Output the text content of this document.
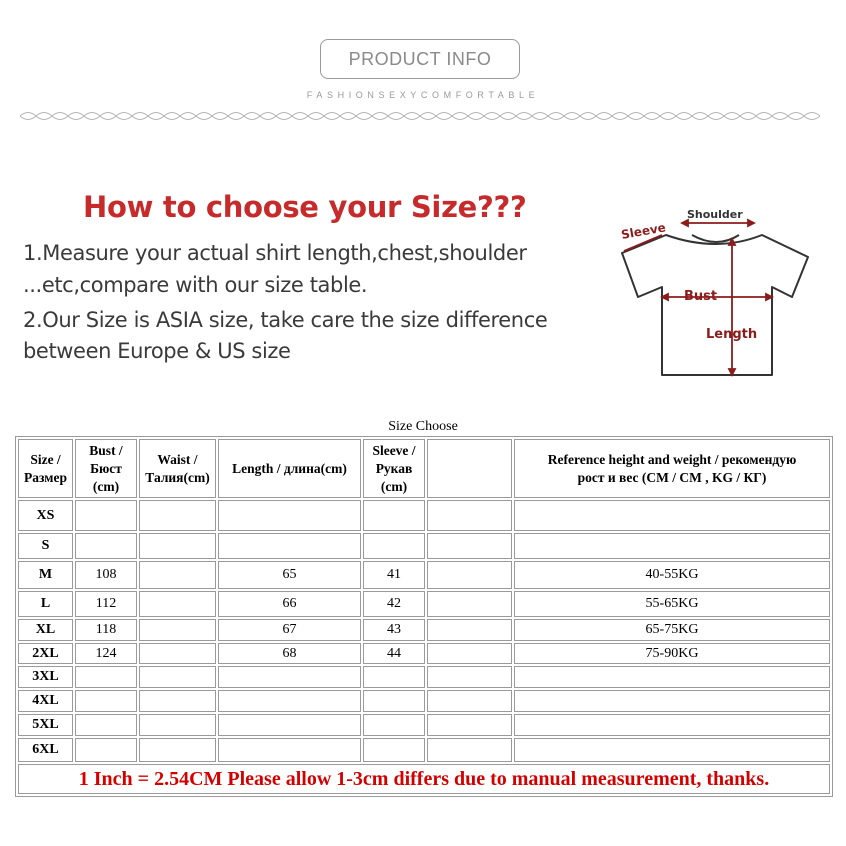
PRODUCT INFO
FASHIONSEXYCOMFORTABLE
How to choose your Size???
1.Measure your actual shirt length,chest,shoulder
...etc,compare with our size table.
2.Our Size is ASIA size, take care the size difference
between Europe & US size
Shoulder
Sleeve
Bust
Length
Size Choose
Size /
Размер	Bust /
Бюст
(cm)	Waist /
Талия(cm)	Length / длина(cm)	Sleeve /
Рукав
(cm)		Reference height and weight / рекомендую
рост и вес (CM / CM , KG / КГ)
XS						
S						
M	108		65	41		40-55KG
L	112		66	42		55-65KG
XL	118		67	43		65-75KG
2XL	124		68	44		75-90KG
3XL						
4XL						
5XL						
6XL						
1 Inch = 2.54CM Please allow 1-3cm differs due to manual measurement, thanks.						
